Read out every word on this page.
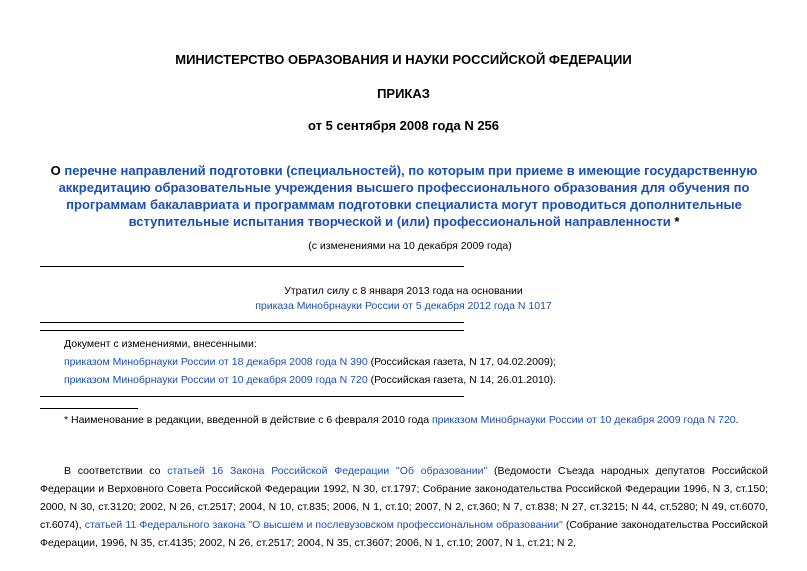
МИНИСТЕРСТВО ОБРАЗОВАНИЯ И НАУКИ РОССИЙСКОЙ ФЕДЕРАЦИИ
ПРИКАЗ
от 5 сентября 2008 года N 256
О перечне направлений подготовки (специальностей), по которым при приеме в имеющие государственную аккредитацию образовательные учреждения высшего профессионального образования для обучения по программам бакалавриата и программам подготовки специалиста могут проводиться дополнительные вступительные испытания творческой и (или) профессиональной направленности *
(с изменениями на 10 декабря 2009 года)
Утратил силу с 8 января 2013 года на основании
приказа Минобрнауки России от 5 декабря 2012 года N 1017
Документ с изменениями, внесенными:
приказом Минобрнауки России от 18 декабря 2008 года N 390 (Российская газета, N 17, 04.02.2009);
приказом Минобрнауки России от 10 декабря 2009 года N 720 (Российская газета, N 14, 26.01.2010).
* Наименование в редакции, введенной в действие с 6 февраля 2010 года приказом Минобрнауки России от 10 декабря 2009 года N 720.
В соответствии со статьей 16 Закона Российской Федерации "Об образовании" (Ведомости Съезда народных депутатов Российской Федерации и Верховного Совета Российской Федерации 1992, N 30, ст.1797; Собрание законодательства Российской Федерации 1996, N 3, ст.150; 2000, N 30, ст.3120; 2002, N 26, ст.2517; 2004, N 10, ст.835; 2006, N 1, ст.10; 2007, N 2, ст.360; N 7, ст.838; N 27, ст.3215; N 44, ст.5280; N 49, ст.6070, ст.6074), статьей 11 Федерального закона "О высшем и послевузовском профессиональном образовании" (Собрание законодательства Российской Федерации, 1996, N 35, ст.4135; 2002, N 26, ст.2517; 2004, N 35, ст.3607; 2006, N 1, ст.10; 2007, N 1, ст.21; N 2,
